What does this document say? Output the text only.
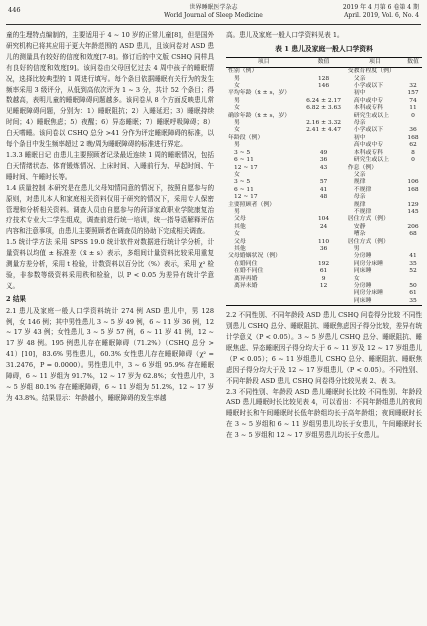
446	世界睡眠医学杂志
World Journal of Sleep Medicine
2019 年 4 月第 6 卷第 4 期
April. 2019, Vol. 6, No. 4

童的生理特点编制的，主要适用于 4 ~ 10 岁的正常儿童[8]，但是国外研究机构已将其应用于更大年龄范围的 ASD 患儿，且该问卷对 ASD 患儿的测量具有较好的信度和效度[7-8]。修订后的中文版 CSHQ 同样具有良好的信度和效度[9]。该问卷由父母回忆过去 4 周中孩子的睡眠情况，选择比较典型的 1 周进行填写。每个条目依据睡眠有关行为的发生频率采用 3 级评分，从低到高依次评为 1 ~ 3 分，共计 52 个条目；得数越高，表明儿童的睡眠障碍问题越多。该问卷从 8 个方面反映患儿常见睡眠障碍问题，分别为：1）睡眠阻抗；2）入睡延迟；3）睡眠持续时间；4）睡眠焦虑；5）夜醒；6）异态睡眠；7）睡眠呼吸障碍；8）白天嗜睡。该问卷以 CSHQ 总分 >41 分作为评定睡眠障碍的标准，以每个条目中发生频率超过 2 晚/周为睡眠障碍的标准进行界定。

1.3.3 睡眠日记 由患儿主要照顾者记录最近连续 1 周的睡眠情况，包括白天情绪状态、体育锻炼情况、上床时间、入睡前行为、早起时间、午睡时间、午睡时长等。

1.4 质量控制 本研究是在患儿父母知情同意的情况下，按照自愿参与的原则，对患儿本人和家庭相关资料仅用于研究的情况下，采用专人保密管理和分析相关资料。调查人员由自愿参与的菏泽家政职业学院康复治疗技术专业大二学生组成，调查前进行统一培训，统一指导语解释评估内容和注意事项，由患儿主要照顾者在调查员的协助下完成相关调查。

1.5 统计学方法 采用 SPSS 19.0 统计软件对数据进行统计学分析，计量资料以均值 ± 标准差（x̄ ± s）表示，多组间计量资料比较采用重复测量方差分析，采用 t 检验，计数资料以百分比（%）表示，采用 χ² 检验，非参数等级资料采用秩和检验，以 P < 0.05 为差异有统计学意义。

2 结果

2.1 患儿及家庭一般人口学资料统计 274 例 ASD 患儿中，男 128 例，女 146 例；其中男性患儿 3 ~ 5 岁 49 例，6 ~ 11 岁 36 例，12 ~ 17 岁 43 例；女性患儿 3 ~ 5 岁 57 例，6 ~ 11 岁 41 例，12 ~ 17 岁 48 例。195 例患儿存在睡眠障碍（71.2%）（CSHQ 总分 > 41）[10]，83.6% 男性患儿，60.3% 女性患儿存在睡眠障碍（χ² = 31.2476，P = 0.0000）。男性患儿中，3 ~ 6 岁组 95.9% 存在睡眠障碍，6 ~ 11 岁组为 91.7%，12 ~ 17 岁为 62.8%；女性患儿中，3 ~ 5 岁组 80.1% 存在睡眠障碍，6 ~ 11 岁组为 51.2%，12 ~ 17 岁为 43.8%。结果显示：年龄越小，睡眠障碍的发生率越

高。患儿及家庭一般人口学资料见表 1。

表 1 患儿及家庭一般人口学资料
项目	数值	项目	数值
性别（例）		受教育程度（例）	
男	128	父亲	
女	146	小学或以下	32
平均年龄（x̄ ± s，岁）		初中	157
男	6.24 ± 2.17	高中或中专	74
女	6.82 ± 3.63	本科或专科	11
确诊年龄（x̄ ± s，岁）		研究生或以上	0
男	2.16 ± 3.32	母亲	
女	2.41 ± 4.47	小学或以下	36
年龄段（例）		初中	168
男		高中或中专	62
3 ~ 5	49	本科或专科	8
6 ~ 11	36	研究生或以上	0
12 ~ 17	43	作息（例）	
女		父亲	
3 ~ 5	57	规律	106
6 ~ 11	41	不规律	168
12 ~ 17	48	母亲	
主要照顾者（例）		规律	129
男		不规律	145
父母	104	居住方式（例）	
其他	24	安静	206
女		嘈杂	68
父母	110	居住方式（例）	
其他	36	男	
父母婚姻状况（例）		分房睡	41
在婚同住	192	同房分床睡	35
在婚不同住	61	同床睡	52
离异再婚	9	女	
离异未婚	12	分房睡	50
		同房分床睡	61
		同床睡	35

2.2 不同性别、不同年龄段 ASD 患儿 CSHQ 问卷得分比较 不同性别患儿 CSHQ 总分、睡眠阻抗、睡眠焦虑因子得分比较，差异有统计学意义（P < 0.05）。3 ~ 5 岁患儿 CSHQ 总分、睡眠阻抗、睡眠焦虑、异态睡眠因子得分均大于 6 ~ 11 岁及 12 ~ 17 岁组患儿（P < 0.05）；6 ~ 11 岁组患儿 CSHQ 总分、睡眠阻抗、睡眠焦虑因子得分均大于及 12 ~ 17 岁组患儿（P < 0.05）。不同性别、不同年龄段 ASD 患儿 CSHQ 问卷得分比较见表 2、表 3。

2.3 不同性别、年龄段 ASD 患儿睡眠时长比较 不同性别、年龄段 ASD 患儿睡眠时长比较见表 4，可以看出：不同年龄组患儿的夜间睡眠时长和午间睡眠时长低年龄组均长于高年龄组；夜间睡眠时长在 3 ~ 5 岁组和 6 ~ 11 岁组男患儿均长于女患儿，午间睡眠时长在 3 ~ 5 岁组和 12 ~ 17 岁组男患儿均长于女患儿。
